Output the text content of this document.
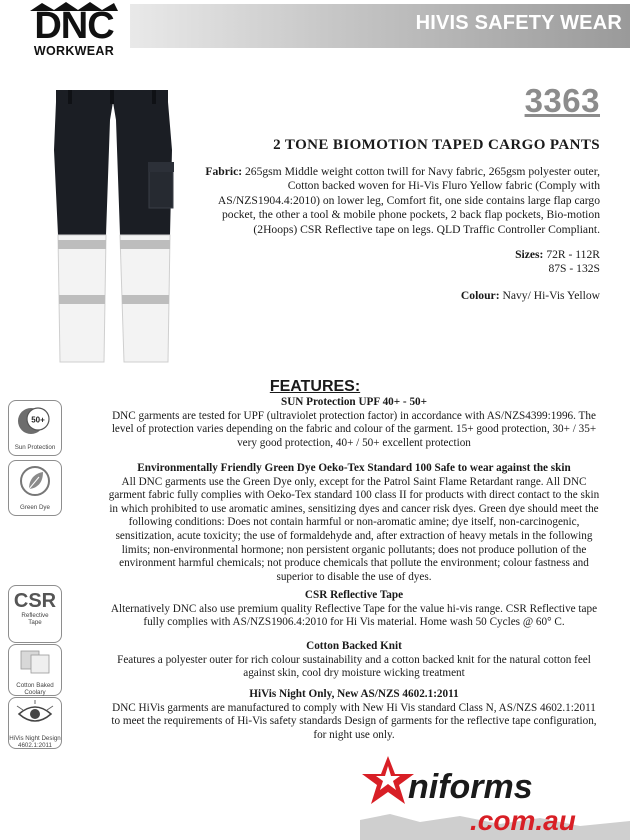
HIVIS SAFETY WEAR
DNC
WORKWEAR
3363
2 TONE BIOMOTION TAPED CARGO PANTS
Fabric: 265gsm Middle weight cotton twill for Navy fabric, 265gsm polyester outer, Cotton backed woven for Hi-Vis Fluro Yellow fabric (Comply with AS/NZS1904.4:2010) on lower leg, Comfort fit, one side contains large flap cargo pocket, the other a tool & mobile phone pockets, 2 back flap pockets, Bio-motion (2Hoops) CSR Reflective tape on legs. QLD Traffic Controller Compliant.
Sizes: 72R - 112R
87S - 132S
Colour: Navy/ Hi-Vis Yellow
FEATURES:
SUN Protection UPF 40+ - 50+
DNC garments are tested for UPF (ultraviolet protection factor) in accordance with AS/NZS4399:1996. The level of protection varies depending on the fabric and colour of the garment. 15+ good protection, 30+ / 35+ very good protection, 40+ / 50+ excellent protection
Environmentally Friendly Green Dye Oeko-Tex Standard 100 Safe to wear against the skin
All DNC garments use the Green Dye only, except for the Patrol Saint Flame Retardant range. All DNC garment fabric fully complies with Oeko-Tex standard 100 class II for products with direct contact to the skin in which prohibited to use aromatic amines, sensitizing dyes and cancer risk dyes. Green dye should meet the following conditions: Does not contain harmful or non-aromatic amine; dye itself, non-carcinogenic, sensitization, acute toxicity; the use of formaldehyde and, after extraction of heavy metals in the following limits; non-environmental hormone; non persistent organic pollutants; does not produce pollution of the environment harmful chemicals; not produce chemicals that pollute the environment; colour fastness and superior to disable the use of dyes.
CSR Reflective Tape
Alternatively DNC also use premium quality Reflective Tape for the value hi-vis range. CSR Reflective tape fully complies with AS/NZS1906.4:2010 for Hi Vis material. Home wash 50 Cycles @ 60° C.
Cotton Backed Knit
Features a polyester outer for rich colour sustainability and a cotton backed knit for the natural cotton feel against skin, cool dry moisture wicking treatment
HiVis Night Only, New AS/NZS 4602.1:2011
DNC HiVis garments are manufactured to comply with New Hi Vis standard Class N, AS/NZS 4602.1:2011 to meet the requirements of Hi-Vis safety standards Design of garments for the reflective tape configuration, for night use only.
50+
Sun Protection
Green Dye
CSR
Reflective
Tape
Cotton Baked
Coolary
HiVis Night Design
4602.1:2011
niforms
.com.au
